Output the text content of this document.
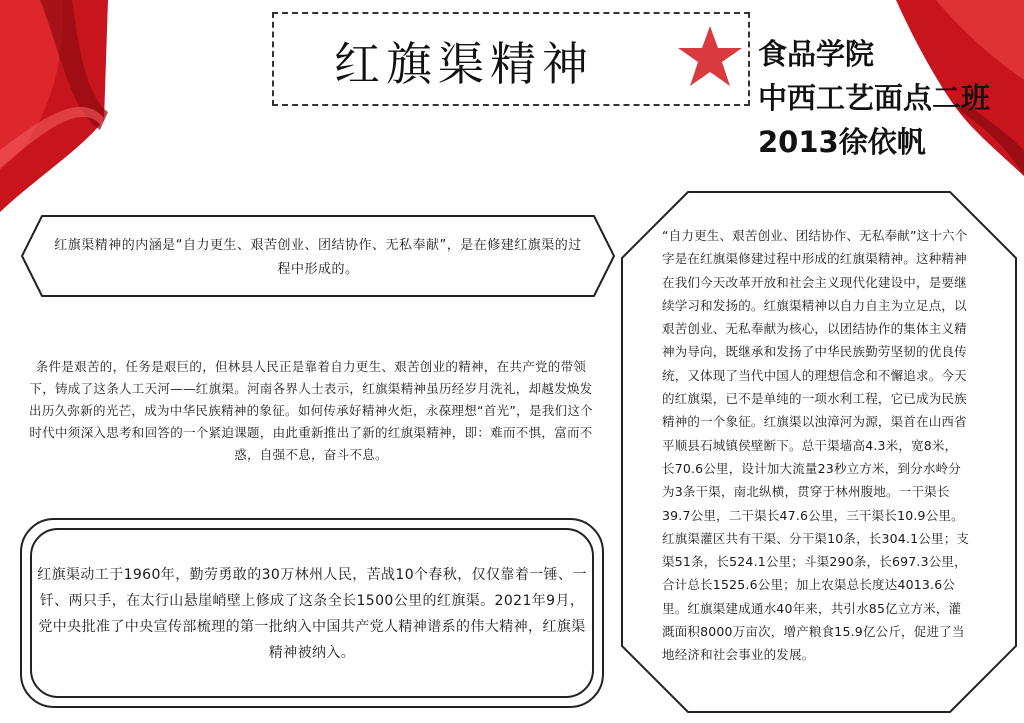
红旗渠精神	食品学院
中西工艺面点二班
2013徐依帆
红旗渠精神的内涵是“自力更生、艰苦创业、团结协作、无私奉献”，是在修建红旗渠的过程中形成的。
条件是艰苦的，任务是艰巨的，但林县人民正是靠着自力更生、艰苦创业的精神，在共产党的带领下，铸成了这条人工天河——红旗渠。河南各界人士表示，红旗渠精神虽历经岁月洗礼，却越发焕发出历久弥新的光芒，成为中华民族精神的象征。如何传承好精神火炬，永葆理想“首光”，是我们这个时代中须深入思考和回答的一个紧迫课题，由此重新推出了新的红旗渠精神，即：难而不惧，富而不惑，自强不息，奋斗不息。
红旗渠动工于1960年，勤劳勇敢的30万林州人民，苦战10个春秋，仅仅靠着一锤、一钎、两只手，在太行山悬崖峭壁上修成了这条全长1500公里的红旗渠。2021年9月，党中央批准了中央宣传部梳理的第一批纳入中国共产党人精神谱系的伟大精神，红旗渠精神被纳入。
“自力更生、艰苦创业、团结协作、无私奉献”这十六个字是在红旗渠修建过程中形成的红旗渠精神。这种精神在我们今天改革开放和社会主义现代化建设中，是要继续学习和发扬的。红旗渠精神以自力自主为立足点，以艰苦创业、无私奉献为核心，以团结协作的集体主义精神为导向，既继承和发扬了中华民族勤劳坚韧的优良传统，又体现了当代中国人的理想信念和不懈追求。今天的红旗渠，已不是单纯的一项水利工程，它已成为民族精神的一个象征。红旗渠以浊漳河为源，渠首在山西省平顺县石城镇侯壁断下。总干渠墙高4.3米，宽8米，长70.6公里，设计加大流量23秒立方米，到分水岭分为3条干渠，南北纵横，贯穿于林州腹地。一干渠长39.7公里，二干渠长47.6公里，三干渠长10.9公里。红旗渠灌区共有干渠、分干渠10条，长304.1公里；支渠51条，长524.1公里；斗渠290条，长697.3公里，合计总长1525.6公里；加上农渠总长度达4013.6公里。红旗渠建成通水40年来，共引水85亿立方米，灌溉面积8000万亩次，增产粮食15.9亿公斤，促进了当地经济和社会事业的发展。
